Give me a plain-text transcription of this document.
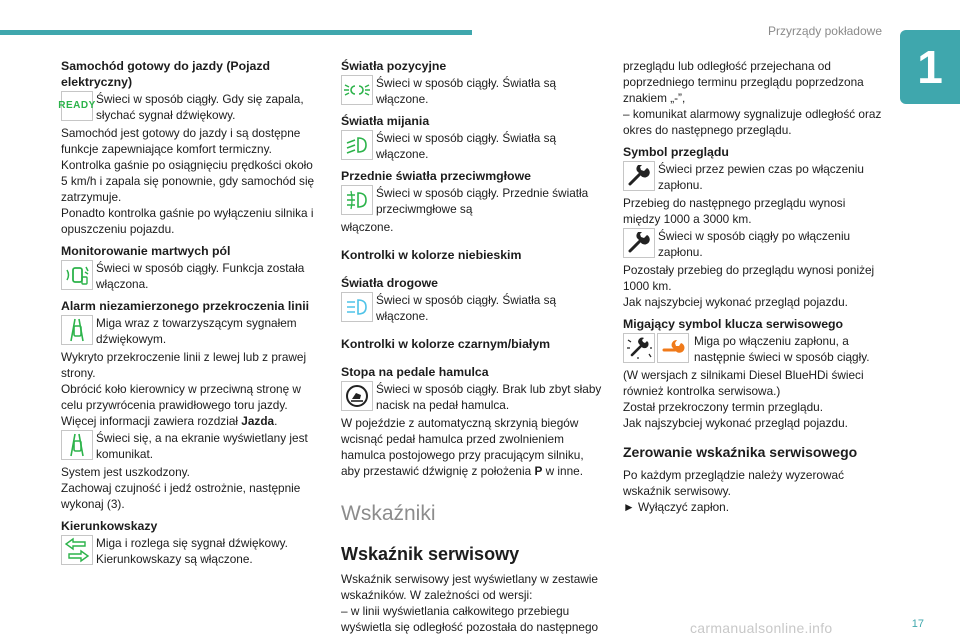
Przyrządy pokładowe
1
Samochód gotowy do jazdy (Pojazd elektryczny)
READY Świeci w sposób ciągły. Gdy się zapala, słychać sygnał dźwiękowy.

Samochód jest gotowy do jazdy i są dostępne funkcje zapewniające komfort termiczny.

Kontrolka gaśnie po osiągnięciu prędkości około 5 km/h i zapala się ponownie, gdy samochód się zatrzymuje.

Ponadto kontrolka gaśnie po wyłączeniu silnika i opuszczeniu pojazdu.

Monitorowanie martwych pól
Świeci w sposób ciągły. Funkcja została włączona.
Alarm niezamierzonego przekroczenia linii
Miga wraz z towarzyszącym sygnałem dźwiękowym.

Wykryto przekroczenie linii z lewej lub z prawej strony.

Obrócić koło kierownicy w przeciwną stronę w celu przywrócenia prawidłowego toru jazdy.

Więcej informacji zawiera rozdział Jazda.

Świeci się, a na ekranie wyświetlany jest komunikat.

System jest uszkodzony.

Zachowaj czujność i jedź ostrożnie, następnie wykonaj (3).

Kierunkowskazy
Miga i rozlega się sygnał dźwiękowy. Kierunkowskazy są włączone.
Światła pozycyjne
Świeci w sposób ciągły. Światła są włączone.
Światła mijania
Świeci w sposób ciągły. Światła są włączone.
Przednie światła przeciwmgłowe
Świeci w sposób ciągły. Przednie światła przeciwmgłowe są

włączone.

Kontrolki w kolorze niebieskim
Światła drogowe
Świeci w sposób ciągły. Światła są włączone.
Kontrolki w kolorze czarnym/białym
Stopa na pedale hamulca
Świeci w sposób ciągły. Brak lub zbyt słaby nacisk na pedał hamulca.

W pojeździe z automatyczną skrzynią biegów wcisnąć pedał hamulca przed zwolnieniem hamulca postojowego przy pracującym silniku, aby przestawić dźwignię z położenia P w inne.

Wskaźniki
Wskaźnik serwisowy

Wskaźnik serwisowy jest wyświetlany w zestawie wskaźników. W zależności od wersji:

– w linii wyświetlania całkowitego przebiegu wyświetla się odległość pozostała do następnego

przeglądu lub odległość przejechana od poprzedniego terminu przeglądu poprzedzona znakiem „-”,

– komunikat alarmowy sygnalizuje odległość oraz okres do następnego przeglądu.

Symbol przeglądu
Świeci przez pewien czas po włączeniu zapłonu.

Przebieg do następnego przeglądu wynosi między 1000 a 3000 km.

Świeci w sposób ciągły po włączeniu zapłonu.

Pozostały przebieg do przeglądu wynosi poniżej 1000 km.

Jak najszybciej wykonać przegląd pojazdu.

Migający symbol klucza serwisowego
Miga po włączeniu zapłonu, a następnie świeci w sposób ciągły.

(W wersjach z silnikami Diesel BlueHDi świeci również kontrolka serwisowa.)

Został przekroczony termin przeglądu.

Jak najszybciej wykonać przegląd pojazdu.

Zerowanie wskaźnika serwisowego

Po każdym przeglądzie należy wyzerować wskaźnik serwisowy.

► Wyłączyć zapłon.

carmanualsonline.info	17
